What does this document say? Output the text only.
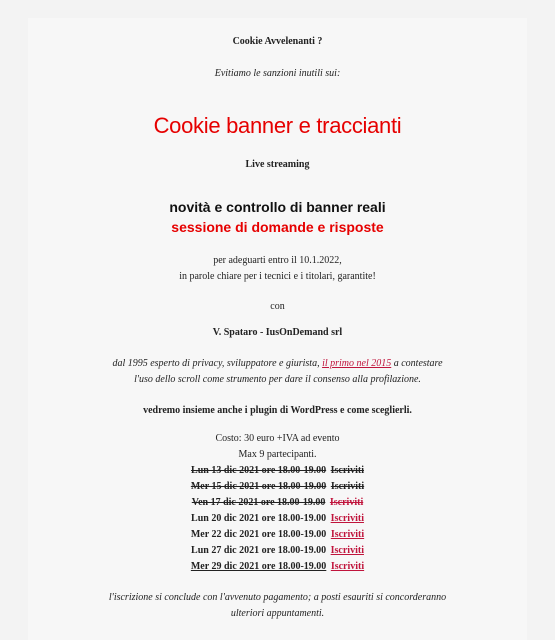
Cookie Avvelenanti ?
Evitiamo le sanzioni inutili sui:
Cookie banner e traccianti
Live streaming
novità e controllo di banner reali
sessione di domande e risposte
per adeguarti entro il 10.1.2022,
in parole chiare per i tecnici e i titolari, garantite!
con
V. Spataro - IusOnDemand srl
dal 1995 esperto di privacy, sviluppatore e giurista, il primo nel 2015 a contestare
l'uso dello scroll come strumento per dare il consenso alla profilazione.
vedremo insieme anche i plugin di WordPress e come sceglierli.
Costo: 30 euro +IVA ad evento
Max 9 partecipanti.
Lun 13 dic 2021 ore 18.00-19.00 Iscriviti
Mer 15 dic 2021 ore 18.00-19.00 Iscriviti
Ven 17 dic 2021 ore 18.00-19.00 Iscriviti
Lun 20 dic 2021 ore 18.00-19.00 Iscriviti
Mer 22 dic 2021 ore 18.00-19.00 Iscriviti
Lun 27 dic 2021 ore 18.00-19.00 Iscriviti
Mer 29 dic 2021 ore 18.00-19.00 Iscriviti
l'iscrizione si conclude con l'avvenuto pagamento; a posti esauriti si concorderanno
ulteriori appuntamenti.
